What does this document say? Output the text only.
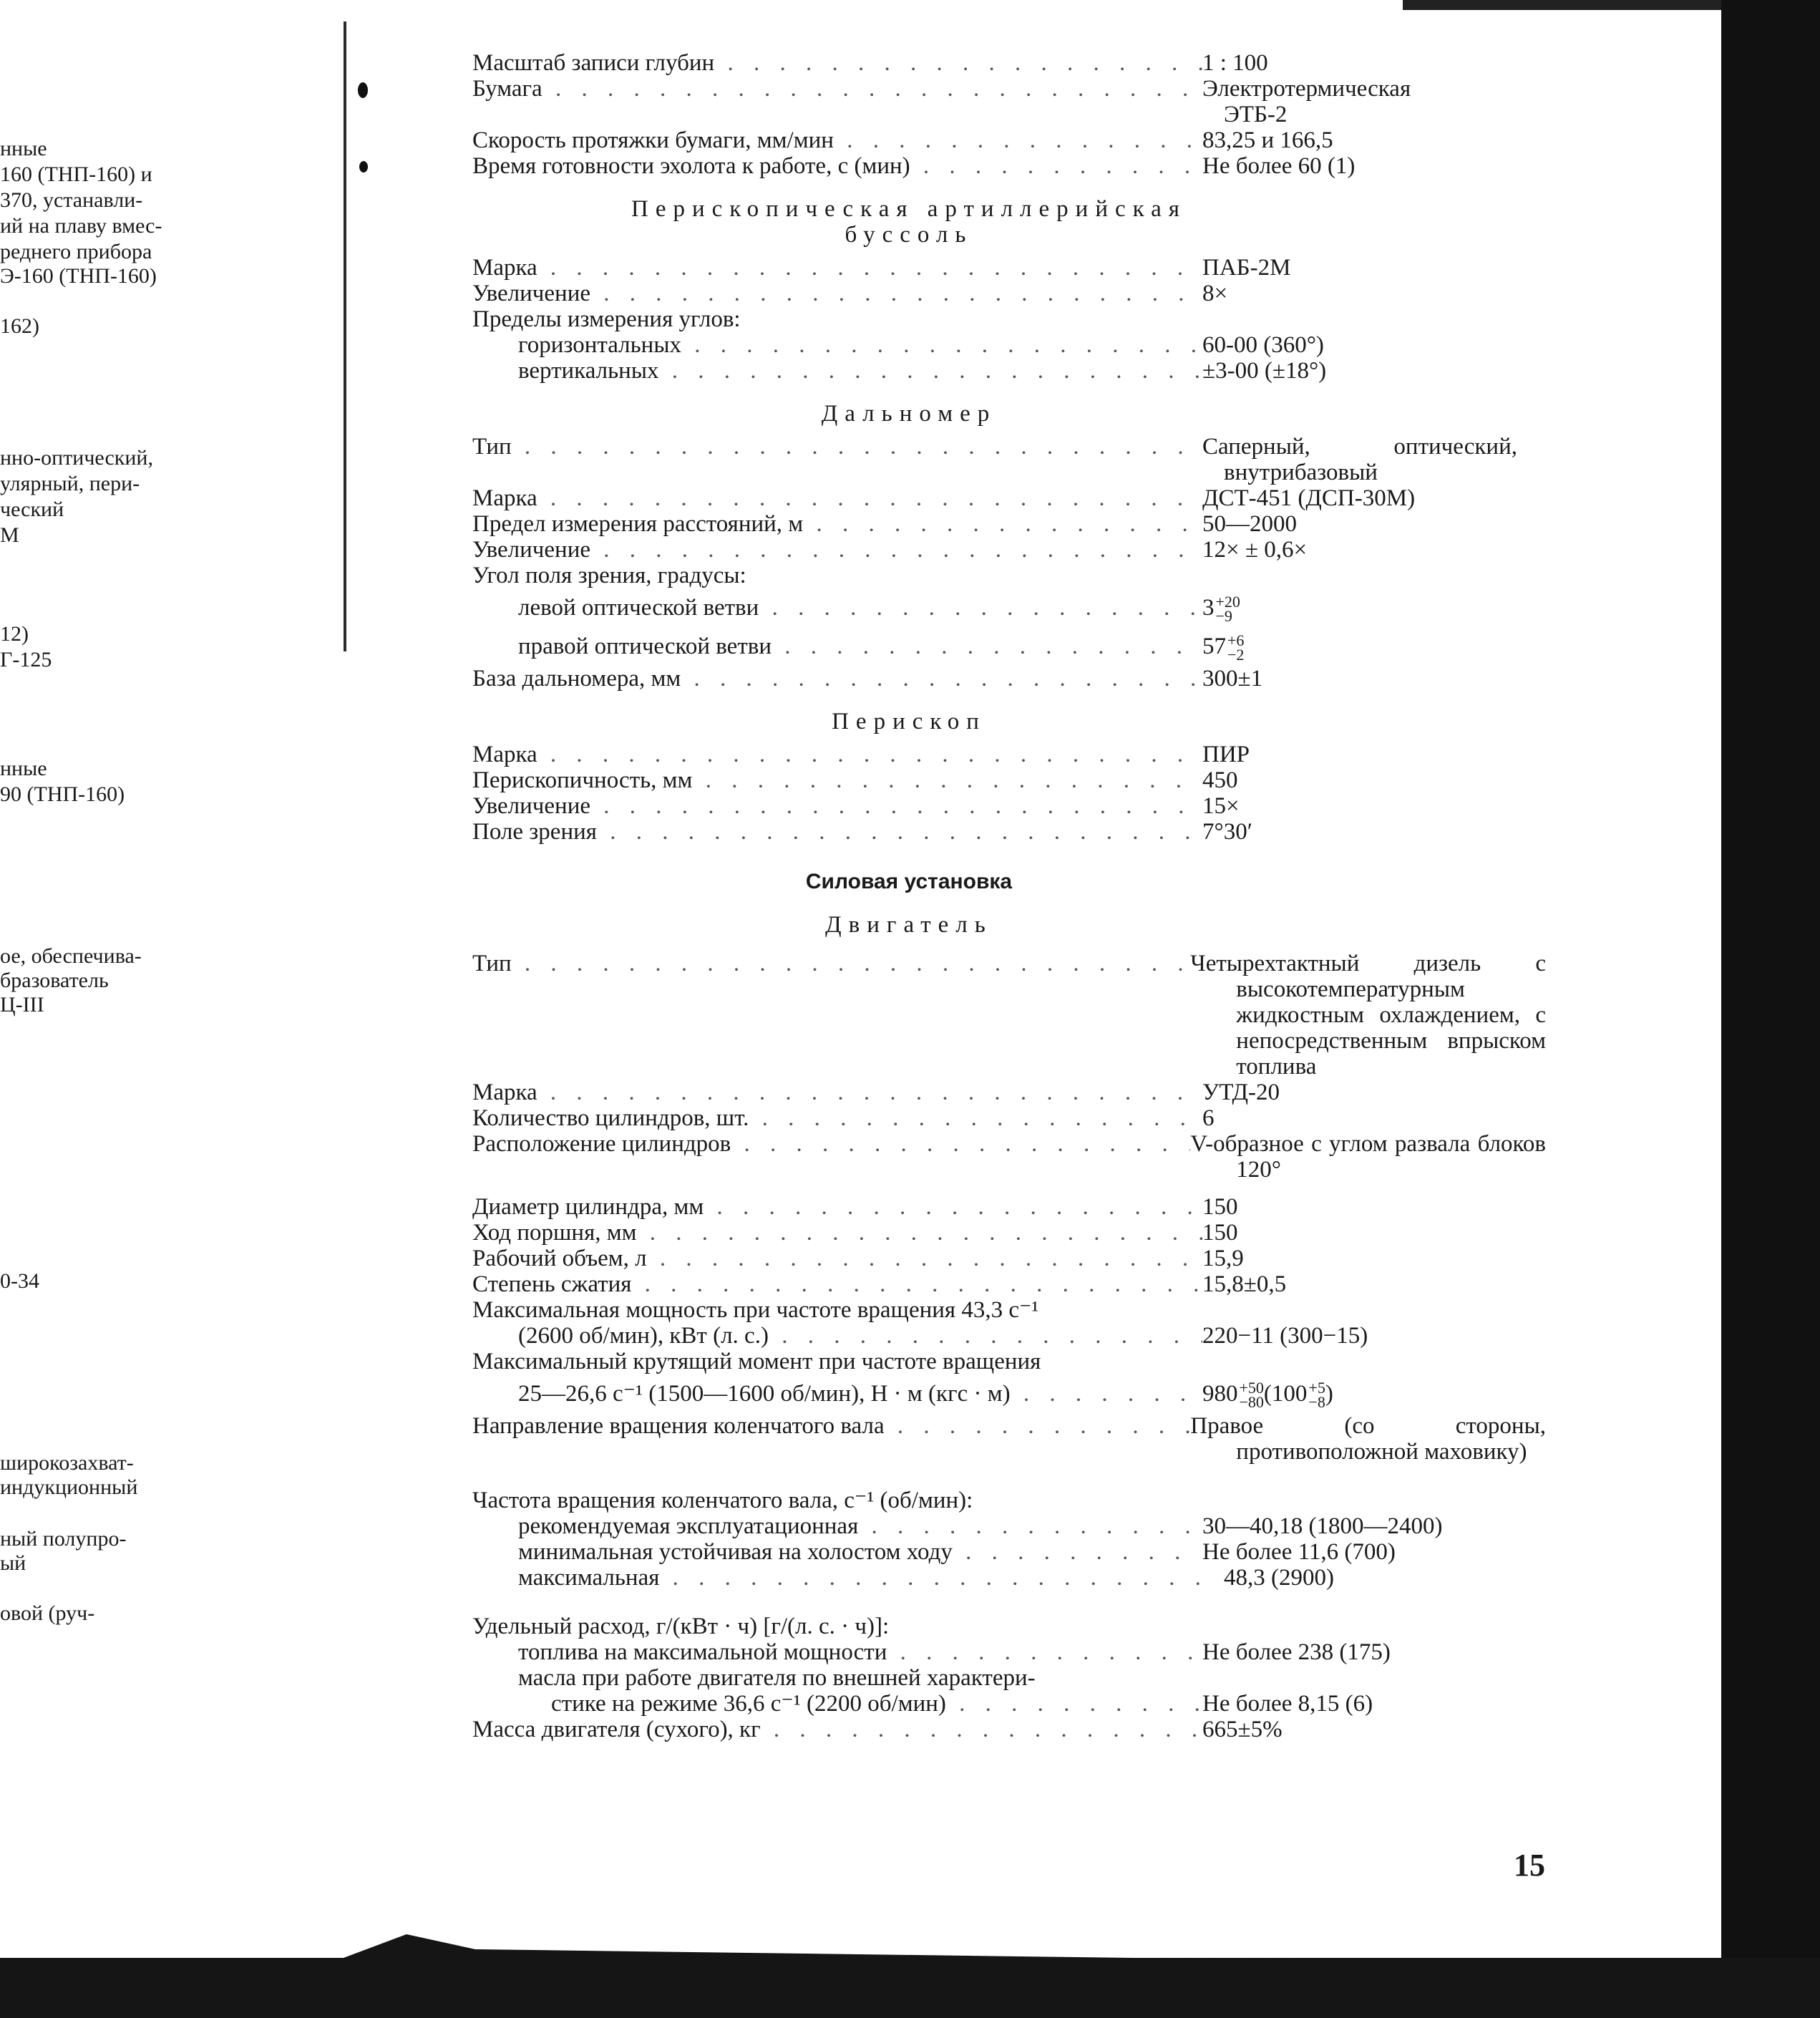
нные
160 (ТНП-160) и
370, устанавли-
ий на плаву вмес-
реднего прибора
Э-160 (ТНП-160)
162)
нно-оптический,
улярный, пери-
ческий
М
12)
Г-125
нные
90 (ТНП-160)
ое, обеспечива-
бразователь
Ц-III
0-34
широкозахват-
индукционный
ный полупро-
ый
овой (руч-
Масштаб записи глубин . . .	1 : 100
Бумага . . .	Электротермическая
ЭТБ-2
Скорость протяжки бумаги, мм/мин . . .	83,25 и 166,5
Время готовности эхолота к работе, с (мин) . . .	Не более 60 (1)
Перископическая артиллерийская
буссоль
Марка . . .	ПАБ-2М
Увеличение . . .	8×
Пределы измерения углов:
горизонтальных . . .	60-00 (360°)
вертикальных . . .	±3-00 (±18°)
Дальномер
Тип . . .	Саперный, оптический,
внутрибазовый
Марка . . .	ДСТ-451 (ДСП-30М)
Предел измерения расстояний, м . . .	50—2000
Увеличение . . .	12× ± 0,6×
Угол поля зрения, градусы:
левой оптической ветви . . .	3 +20
−9
правой оптической ветви . . .	57 +6
−2
База дальномера, мм . . .	300±1
Перископ
Марка . . .	ПИР
Перископичность, мм . . .	450
Увеличение . . .	15×
Поле зрения . . .	7°30′
Силовая установка
Двигатель
Тип . . .	Четырехтактный дизель с высокотемпературным жидкостным охлаждением, с непосредственным впрыском топлива
Марка . . .	УТД-20
Количество цилиндров, шт. . . .	6
Расположение цилиндров . . .	V-образное с углом развала блоков 120°
Диаметр цилиндра, мм . . .	150
Ход поршня, мм . . .	150
Рабочий объем, л . . .	15,9
Степень сжатия . . .	15,8±0,5
Максимальная мощность при частоте вращения 43,3 с⁻¹
(2600 об/мин), кВт (л. с.) . . .	220−11 (300−15)
Максимальный крутящий момент при частоте вращения
25—26,6 с⁻¹ (1500—1600 об/мин), Н · м (кгс · м) . . .	980 +50
−80 (100 +5
−8 )
Направление вращения коленчатого вала . . .	Правое (со стороны, противоположной маховику)
Частота вращения коленчатого вала, с⁻¹ (об/мин):
рекомендуемая эксплуатационная . . .	30—40,18 (1800—2400)
минимальная устойчивая на холостом ходу . . .	Не более 11,6 (700)
максимальная . . .	48,3 (2900)
Удельный расход, г/(кВт · ч) [г/(л. с. · ч)]:
топлива на максимальной мощности . . .	Не более 238 (175)
масла при работе двигателя по внешней характери-
стике на режиме 36,6 с⁻¹ (2200 об/мин) . . .	Не более 8,15 (6)
Масса двигателя (сухого), кг . . .	665±5%
15
